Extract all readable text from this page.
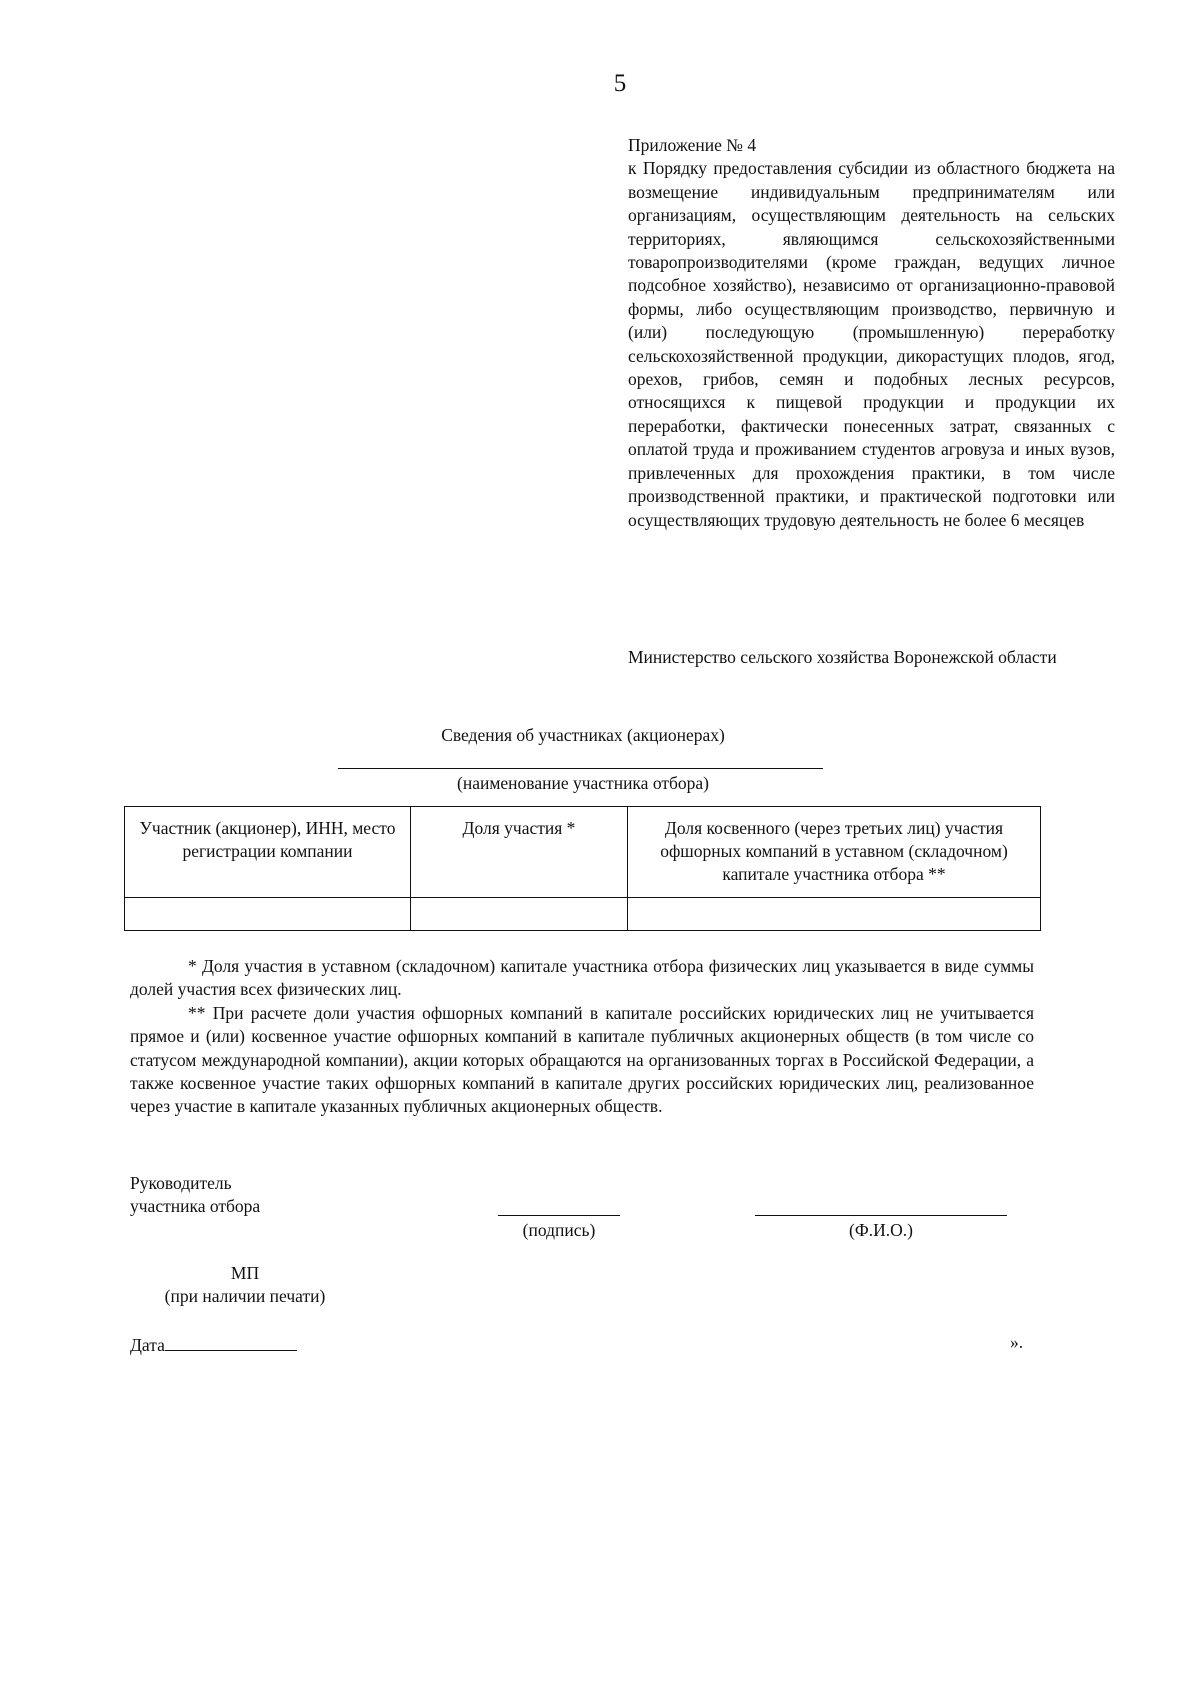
5
Приложение № 4
к Порядку предоставления субсидии из областного бюджета на возмещение индивидуальным предпринимателям или организациям, осуществляющим деятельность на сельских территориях, являющимся сельскохозяйственными товаропроизводителями (кроме граждан, ведущих личное подсобное хозяйство), независимо от организационно-правовой формы, либо осуществляющим производство, первичную и (или) последующую (промышленную) переработку сельскохозяйственной продукции, дикорастущих плодов, ягод, орехов, грибов, семян и подобных лесных ресурсов, относящихся к пищевой продукции и продукции их переработки, фактически понесенных затрат, связанных с оплатой труда и проживанием студентов агровуза и иных вузов, привлеченных для прохождения практики, в том числе производственной практики, и практической подготовки или осуществляющих трудовую деятельность не более 6 месяцев
Министерство сельского хозяйства Воронежской области
Сведения об участниках (акционерах)
(наименование участника отбора)
Участник (акционер), ИНН, место регистрации компании	Доля участия *	Доля косвенного (через третьих лиц) участия офшорных компаний в уставном (складочном) капитале участника отбора **

* Доля участия в уставном (складочном) капитале участника отбора физических лиц указывается в виде суммы долей участия всех физических лиц.

** При расчете доли участия офшорных компаний в капитале российских юридических лиц не учитывается прямое и (или) косвенное участие офшорных компаний в капитале публичных акционерных обществ (в том числе со статусом международной компании), акции которых обращаются на организованных торгах в Российской Федерации, а также косвенное участие таких офшорных компаний в капитале других российских юридических лиц, реализованное через участие в капитале указанных публичных акционерных обществ.

Руководитель
участника отбора
(подпись)	(Ф.И.О.)
МП
(при наличии печати)
Дата	».
